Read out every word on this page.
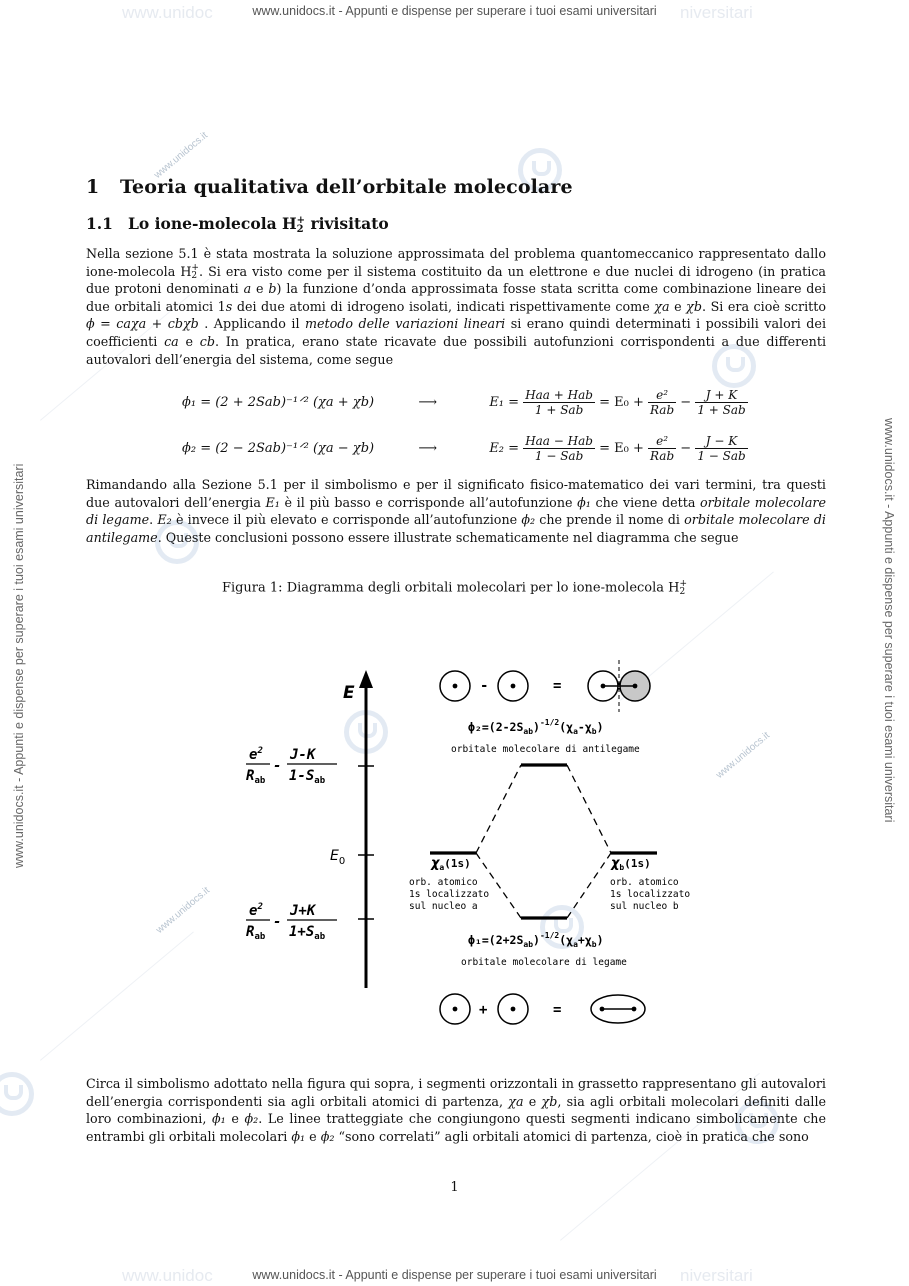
www.unidocs.it
www.unidocs.it
www.unidocs.it
www.unidoc	niversitari
www.unidoc	niversitari
www.unidocs.it - Appunti e dispense per superare i tuoi esami universitari
www.unidocs.it - Appunti e dispense per superare i tuoi esami universitari
www.unidocs.it - Appunti e dispense per superare i tuoi esami universitari	www.unidocs.it - Appunti e dispense per superare i tuoi esami universitari
1 Teoria qualitativa dell’orbitale molecolare
1.1 Lo ione-molecola H +
2 rivisitato
Nella sezione 5.1 è stata mostrata la soluzione approssimata del problema quantomeccanico rappresentato dallo ione-molecola H +
2 . Si era visto come per il sistema costituito da un elettrone e due nuclei di idrogeno (in pratica due protoni denominati a e b) la funzione d’onda approssimata fosse stata scritta come combinazione lineare dei due orbitali atomici 1s dei due atomi di idrogeno isolati, indicati rispettivamente come χa e χb. Si era cioè scritto ϕ = caχa + cbχb . Applicando il metodo delle variazioni lineari si erano quindi determinati i possibili valori dei coefficienti ca e cb. In pratica, erano state ricavate due possibili autofunzioni corrispondenti a due differenti autovalori dell’energia del sistema, come segue
ϕ₁ = (2 + 2Sab)⁻¹ᐟ² (χa + χb)	⟶	$E_1 = \frac{\text{Haa + Hab}}{\text{1 + Sab}} = E_0 + \frac{\text{e²}}{\text{Rab}} - \frac{J + K}{\text{1 + Sab}}$
ϕ₂ = (2 − 2Sab)⁻¹ᐟ² (χa − χb)	⟶	$E_2 = \frac{\text{Haa − Hab}}{\text{1 − Sab}} = E_0 + \frac{\text{e²}}{\text{Rab}} - \frac{J - K}{\text{1 − Sab}}$
Rimandando alla Sezione 5.1 per il simbolismo e per il significato fisico-matematico dei vari termini, tra questi due autovalori dell’energia E₁ è il più basso e corrisponde all’autofunzione ϕ₁ che viene detta orbitale molecolare di legame. E₂ è invece il più elevato e corrisponde all’autofunzione ϕ₂ che prende il nome di orbitale molecolare di antilegame. Queste conclusioni possono essere illustrate schematicamente nel diagramma che segue
Figura 1: Diagramma degli orbitali molecolari per lo ione-molecola H +
2
E
$E_0$
$e^2$
$R_{ab}$
-
J-K
$1-S_{ab}$
$e^2$
$R_{ab}$
-
J+K
$1+S_{ab}$
$\chi_a(1s)$	$\chi_b(1s)$
orb. atomico
1s localizzato
sul nucleo a
orb. atomico
1s localizzato
sul nucleo b
$\phi_2=(2-2S_{ab})^{-1/2}(\chi_a-\chi_b)$
orbitale molecolare di antilegame
$\phi_1=(2+2S_{ab})^{-1/2}(\chi_a+\chi_b)$
orbitale molecolare di legame
-	=
+	=
Circa il simbolismo adottato nella figura qui sopra, i segmenti orizzontali in grassetto rappresentano gli autovalori dell’energia corrispondenti sia agli orbitali atomici di partenza, χa e χb, sia agli orbitali molecolari definiti dalle loro combinazioni, ϕ₁ e ϕ₂. Le linee tratteggiate che congiungono questi segmenti indicano simbolicamente che entrambi gli orbitali molecolari ϕ₁ e ϕ₂ “sono correlati” agli orbitali atomici di partenza, cioè in pratica che sono
1
